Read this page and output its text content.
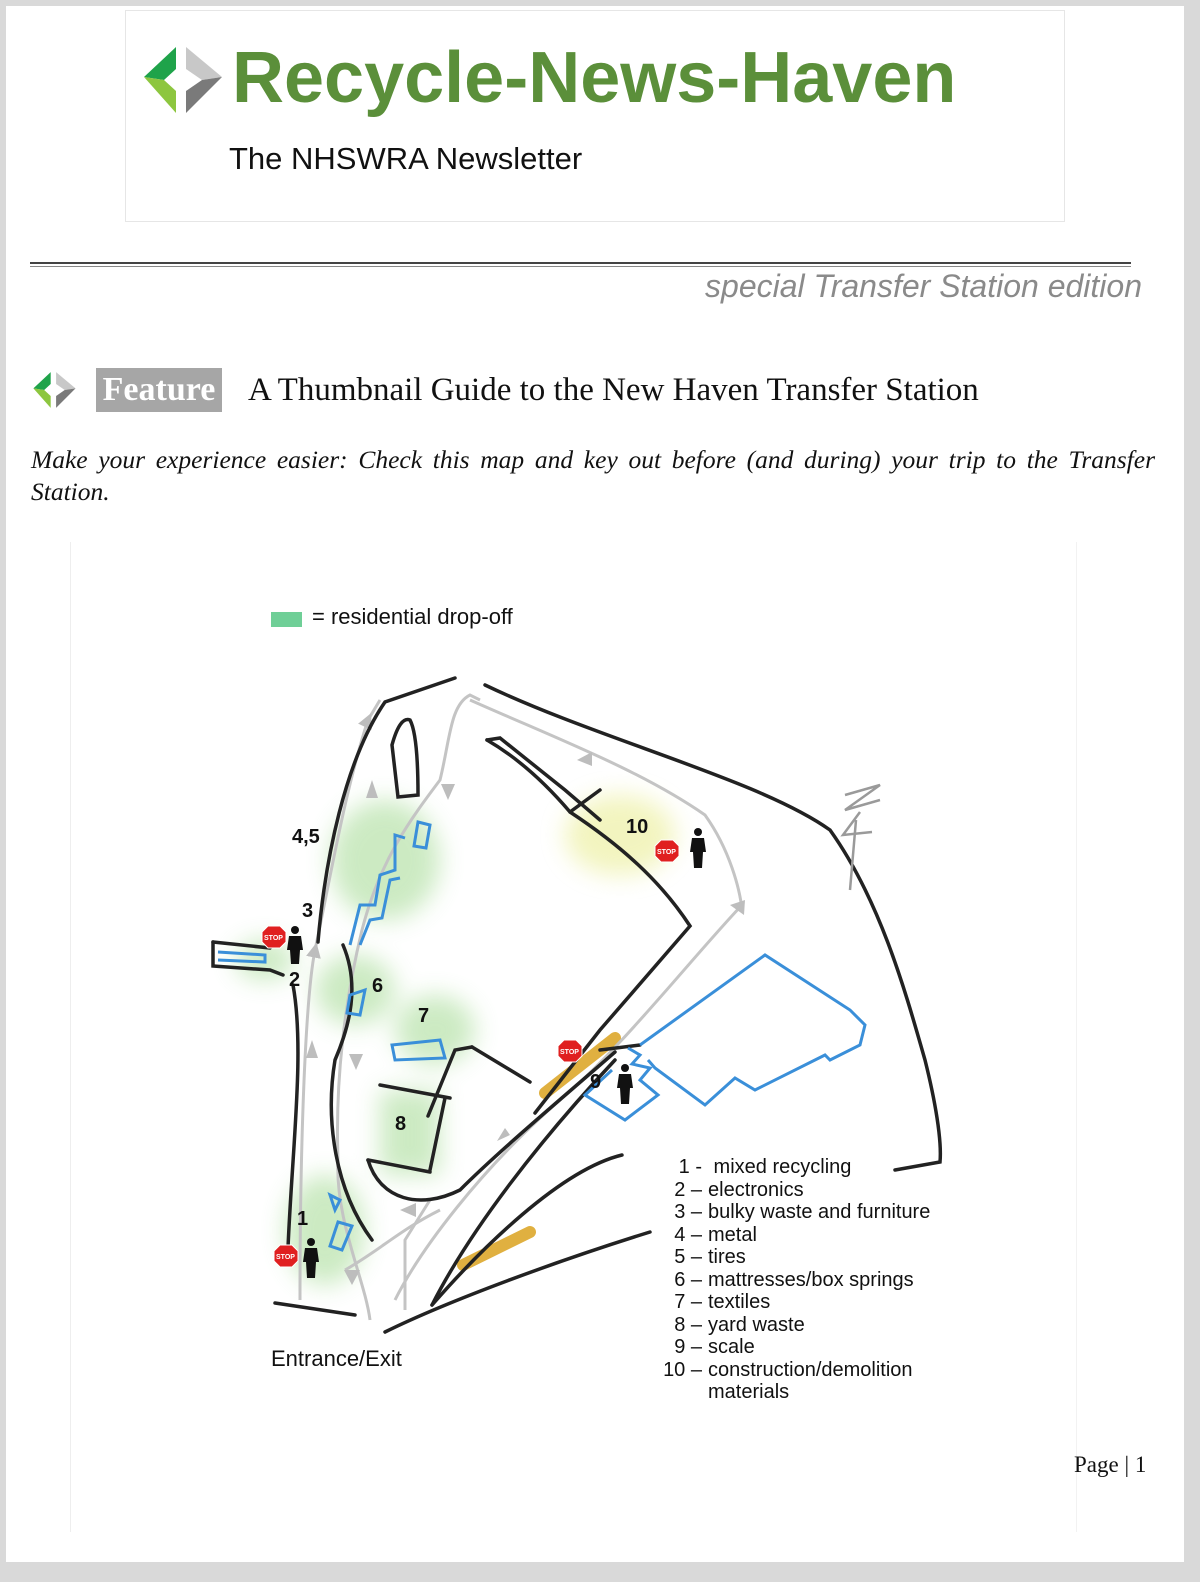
Recycle-News-Haven
The NHSWRA Newsletter
special Transfer Station edition
Feature A Thumbnail Guide to the New Haven Transfer Station
Make your experience easier: Check this map and key out before (and during) your trip to the Transfer Station.
STOP
STOP
STOP
STOP
1
2
3
4,5
6
7
8
9
10
= residential drop-off
1 - mixed recycling
2 – electronics
3 – bulky waste and furniture
4 – metal
5 – tires
6 – mattresses/box springs
7 – textiles
8 – yard waste
9 – scale
10 – construction/demolition
materials
Entrance/Exit
Page | 1
